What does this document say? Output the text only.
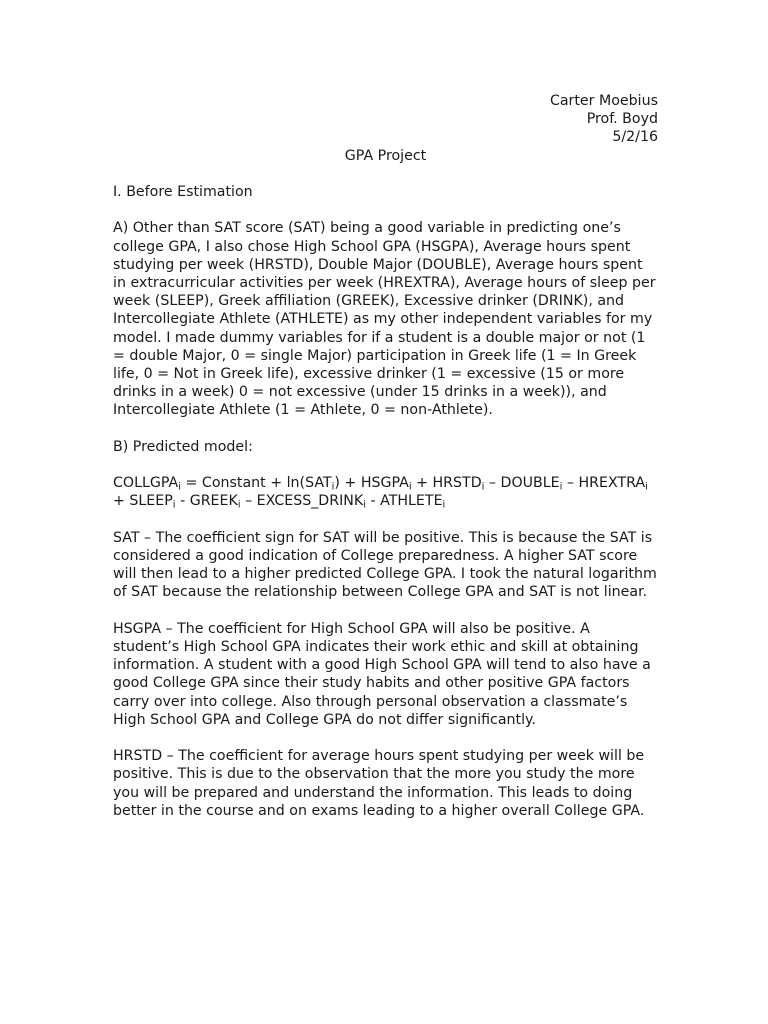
Carter Moebius
Prof. Boyd
5/2/16
GPA Project

I. Before Estimation

A) Other than SAT score (SAT) being a good variable in predicting one’s college GPA, I also chose High School GPA (HSGPA), Average hours spent studying per week (HRSTD), Double Major (DOUBLE), Average hours spent in extracurricular activities per week (HREXTRA), Average hours of sleep per week (SLEEP), Greek affiliation (GREEK), Excessive drinker (DRINK), and Intercollegiate Athlete (ATHLETE) as my other independent variables for my model. I made dummy variables for if a student is a double major or not (1 = double Major, 0 = single Major) participation in Greek life (1 = In Greek life, 0 = Not in Greek life), excessive drinker (1 = excessive (15 or more drinks in a week) 0 = not excessive (under 15 drinks in a week)), and Intercollegiate Athlete (1 = Athlete, 0 = non-Athlete).

B) Predicted model:

$COLLGPA_i$ = Constant + $\ln(SAT_i)$ + $HSGPA_i$ + $HRSTD_i$ – $DOUBLE_i$ – $HREXTRA_i$ + $SLEEP_i$ - $GREEK_i$ – $EXCESS\_DRINK_i$ - $ATHLETE_i$

SAT – The coefficient sign for SAT will be positive. This is because the SAT is considered a good indication of College preparedness. A higher SAT score will then lead to a higher predicted College GPA. I took the natural logarithm of SAT because the relationship between College GPA and SAT is not linear.

HSGPA – The coefficient for High School GPA will also be positive. A student’s High School GPA indicates their work ethic and skill at obtaining information. A student with a good High School GPA will tend to also have a good College GPA since their study habits and other positive GPA factors carry over into college. Also through personal observation a classmate’s High School GPA and College GPA do not differ significantly.

HRSTD – The coefficient for average hours spent studying per week will be positive. This is due to the observation that the more you study the more you will be prepared and understand the information. This leads to doing better in the course and on exams leading to a higher overall College GPA.
